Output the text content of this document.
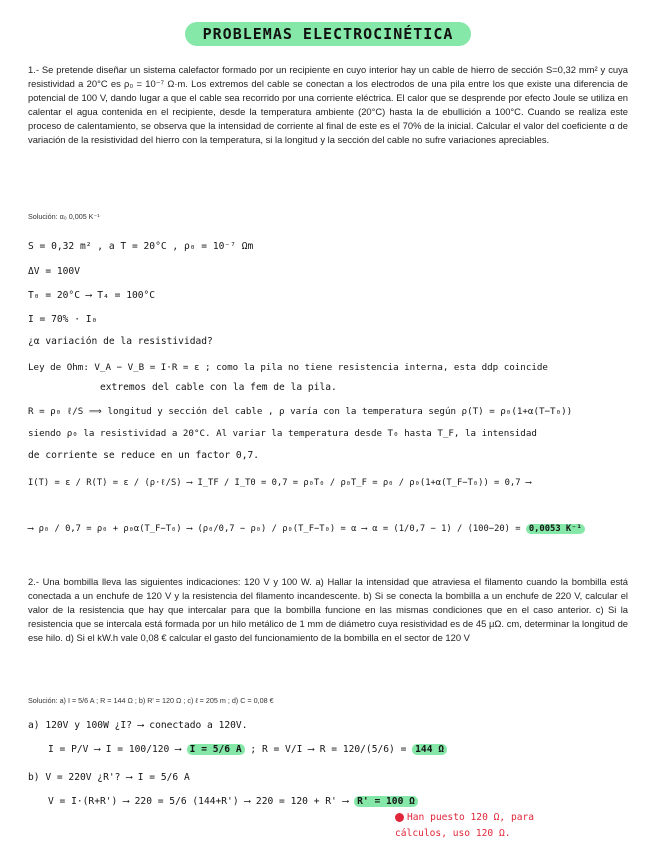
PROBLEMAS ELECTROCINÉTICA
1.- Se pretende diseñar un sistema calefactor formado por un recipiente en cuyo interior hay un cable de hierro de sección S=0,32 mm² y cuya resistividad a 20°C es ρ₀ = 10⁻⁷ Ω·m. Los extremos del cable se conectan a los electrodos de una pila entre los que existe una diferencia de potencial de 100 V, dando lugar a que el cable sea recorrido por una corriente eléctrica. El calor que se desprende por efecto Joule se utiliza en calentar el agua contenida en el recipiente, desde la temperatura ambiente (20°C) hasta la de ebullición a 100°C. Cuando se realiza este proceso de calentamiento, se observa que la intensidad de corriente al final de este es el 70% de la inicial. Calcular el valor del coeficiente α de variación de la resistividad del hierro con la temperatura, si la longitud y la sección del cable no sufre variaciones apreciables.
Solución: α₀ 0,005 K⁻¹
S = 0,32 m² , a T = 20°C , ρ₀ = 10⁻⁷ Ωm
ΔV = 100V
T₀ = 20°C ⟶ T₄ = 100°C
I = 70% · I₀
¿α variación de la resistividad?
Ley de Ohm: V_A − V_B = I·R = ε ; como la pila no tiene resistencia interna, esta ddp coincide
extremos del cable con la fem de la pila.
R = ρ₀ ℓ/S ⟹ longitud y sección del cable , ρ varía con la temperatura según ρ(T) = ρ₀(1+α(T−T₀))
siendo ρ₀ la resistividad a 20°C. Al variar la temperatura desde T₀ hasta T_F, la intensidad
de corriente se reduce en un factor 0,7.
I(T) = ε / R(T) = ε / (ρ·ℓ/S) ⟶ I_TF / I_T0 = 0,7 = ρ₀T₀ / ρ₀T_F = ρ₀ / ρ₀(1+α(T_F−T₀)) = 0,7 ⟶
⟶ ρ₀ / 0,7 = ρ₀ + ρ₀α(T_F−T₀) ⟶ (ρ₀/0,7 − ρ₀) / ρ₀(T_F−T₀) = α ⟶ α = (1/0,7 − 1) / (100−20) = 0,0053 K⁻¹
2.- Una bombilla lleva las siguientes indicaciones: 120 V y 100 W. a) Hallar la intensidad que atraviesa el filamento cuando la bombilla está conectada a un enchufe de 120 V y la resistencia del filamento incandescente. b) Si se conecta la bombilla a un enchufe de 220 V, calcular el valor de la resistencia que hay que intercalar para que la bombilla funcione en las mismas condiciones que en el caso anterior. c) Si la resistencia que se intercala está formada por un hilo metálico de 1 mm de diámetro cuya resistividad es de 45 μΩ. cm, determinar la longitud de ese hilo. d) Si el kW.h vale 0,08 € calcular el gasto del funcionamiento de la bombilla en el sector de 120 V
Solución: a) I = 5/6 A ; R = 144 Ω ; b) R' = 120 Ω ; c) ℓ = 205 m ; d) C = 0,08 €
a) 120V y 100W ¿I? ⟶ conectado a 120V.
I = P/V ⟶ I = 100/120 ⟶ I = 5/6 A ; R = V/I ⟶ R = 120/(5/6) = 144 Ω
b) V = 220V ¿R'? ⟶ I = 5/6 A
V = I·(R+R') ⟶ 220 = 5/6 (144+R') ⟶ 220 = 120 + R' ⟶ R' = 100 Ω
Han puesto 120 Ω, para
cálculos, uso 120 Ω.
